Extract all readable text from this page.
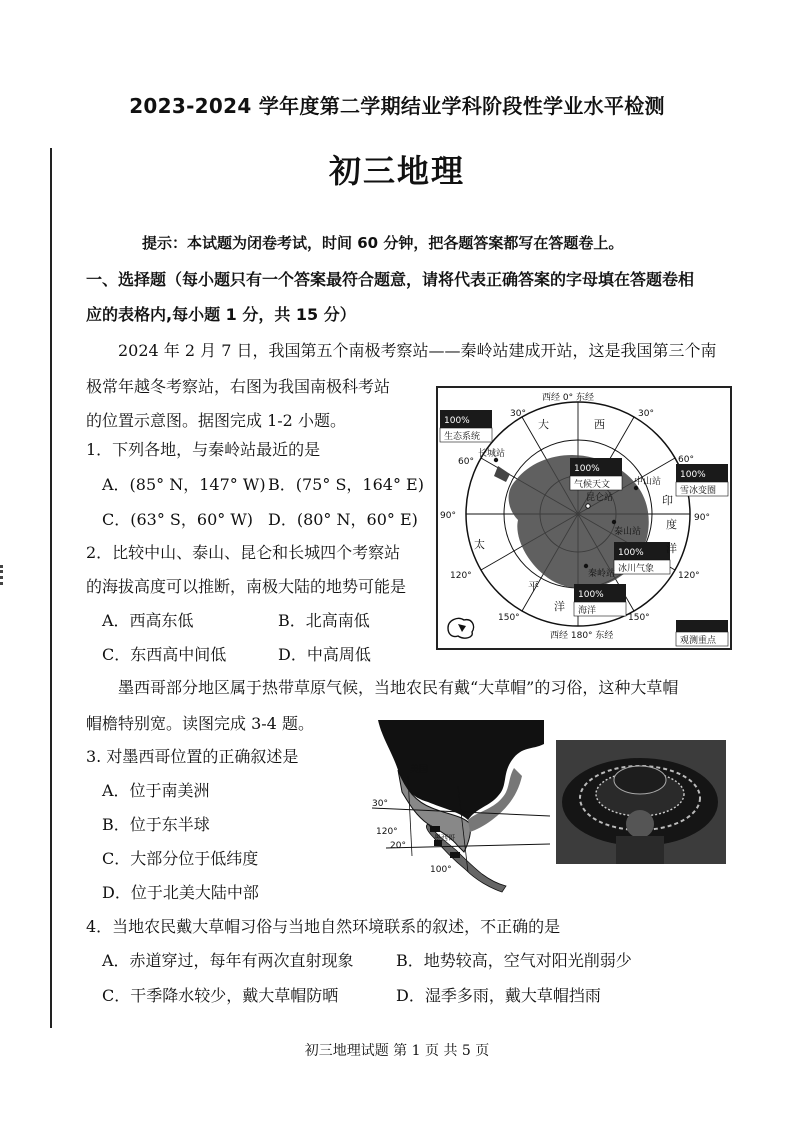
2023-2024 学年度第二学期结业学科阶段性学业水平检测
初三地理
提示：本试题为闭卷考试，时间 60 分钟，把各题答案都写在答题卷上。
一、选择题（每小题只有一个答案最符合题意，请将代表正确答案的字母填在答题卷相
应的表格内,每小题 1 分，共 15 分）
2024 年 2 月 7 日，我国第五个南极考察站——秦岭站建成开站，这是我国第三个南
极常年越冬考察站，右图为我国南极科考站
的位置示意图。据图完成 1-2 小题。
1．下列各地，与秦岭站最近的是
A．(85° N，147° W) B．(75° S，164° E)
C．(63° S，60° W) D．(80° N，60° E)
2．比较中山、泰山、昆仑和长城四个考察站
的海拔高度可以推断，南极大陆的地势可能是
A．西高东低	B．北高南低
C．东西高中间低	D．中高周低
100%
生态系统
100%
气候天文
100%
雪冰变圈
100%
冰川气象
100%
海洋
观测重点
西经 0° 东经
西经 180° 东经
30°	30°
60°	60°
90°	90°
120°	120°
150°	150°
大	西
印
度
洋
太
平
洋
长城站
昆仑站
中山站
泰山站
秦岭站
墨西哥部分地区属于热带草原气候，当地农民有戴“大草帽”的习俗，这种大草帽
帽檐特别宽。读图完成 3-4 题。
美国
墨西哥
30°
120°
20°
100°
3. 对墨西哥位置的正确叙述是
A．位于南美洲
B．位于东半球
C．大部分位于低纬度
D．位于北美大陆中部
4．当地农民戴大草帽习俗与当地自然环境联系的叙述，不正确的是
A．赤道穿过，每年有两次直射现象	B．地势较高，空气对阳光削弱少
C．干季降水较少，戴大草帽防晒	D．湿季多雨，戴大草帽挡雨
初三地理试题 第 1 页 共 5 页
